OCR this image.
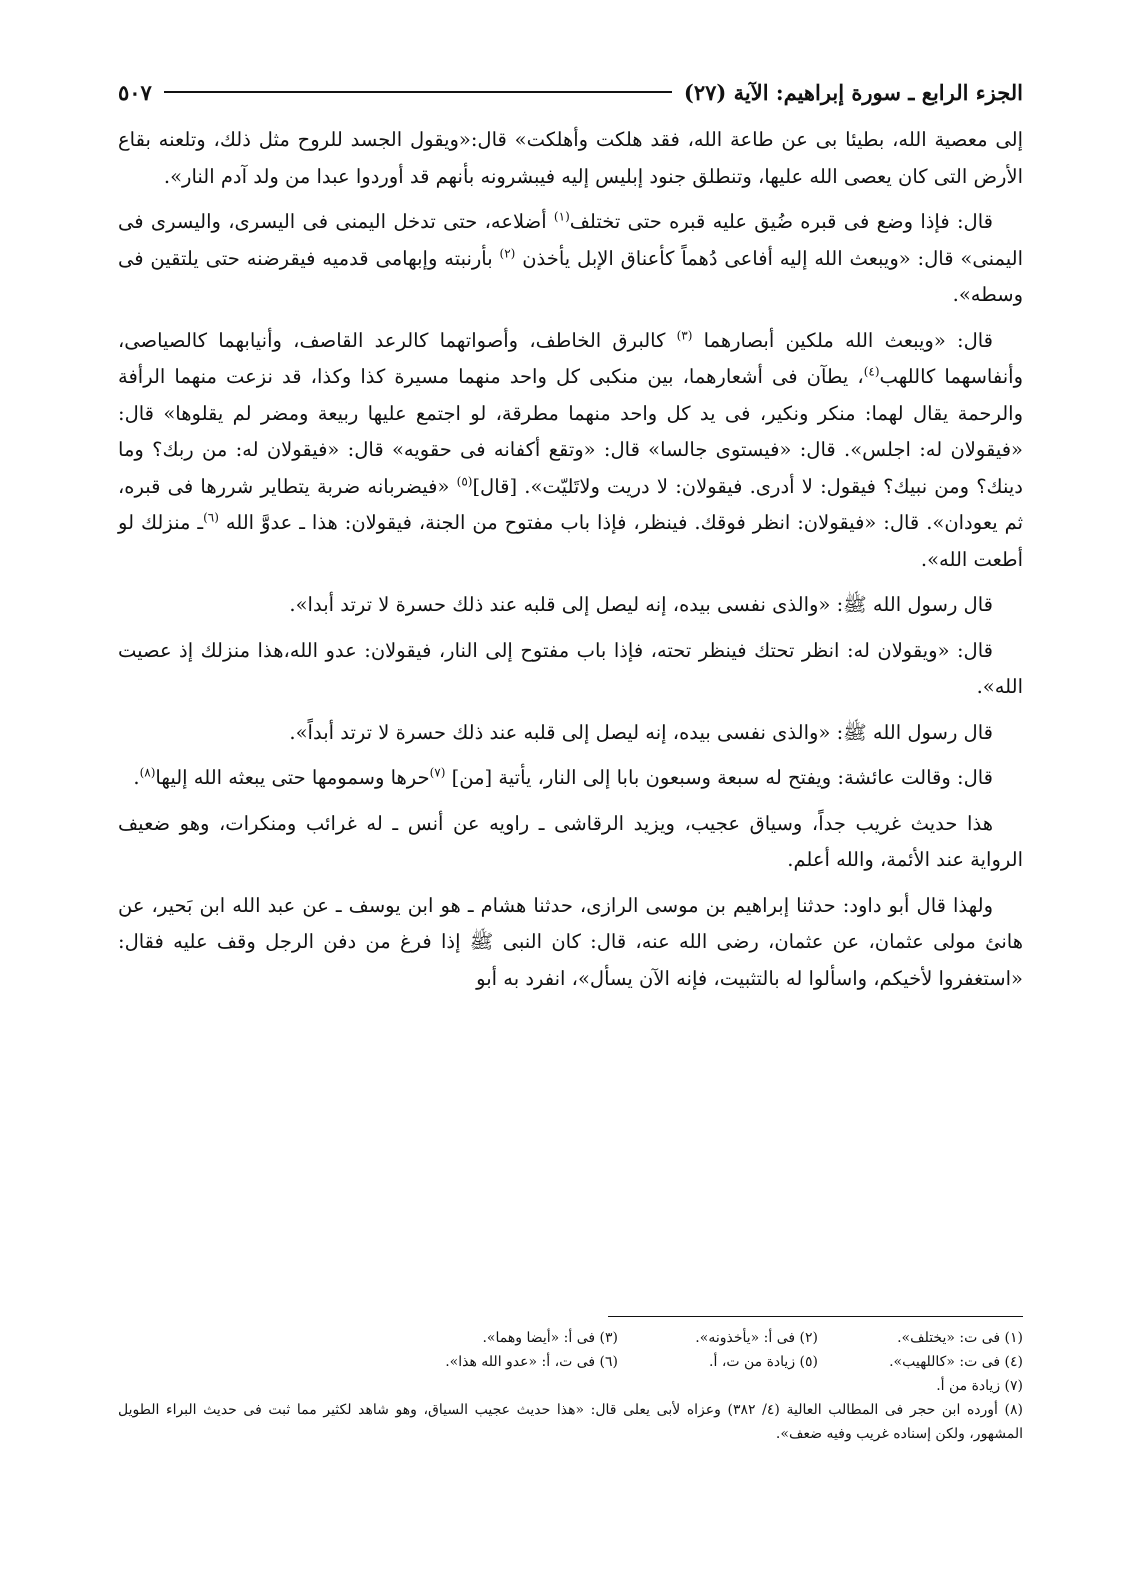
الجزء الرابع ـ سورة إبراهيم: الآية (٢٧)
٥٠٧

إلى معصية الله، بطيئا بى عن طاعة الله، فقد هلكت وأهلكت» قال:«ويقول الجسد للروح مثل ذلك، وتلعنه بقاع الأرض التى كان يعصى الله عليها، وتنطلق جنود إبليس إليه فيبشرونه بأنهم قد أوردوا عبدا من ولد آدم النار».

قال: فإذا وضع فى قبره ضُيق عليه قبره حتى تختلف$^{(١)}$ أضلاعه، حتى تدخل اليمنى فى اليسرى، واليسرى فى اليمنى» قال: «ويبعث الله إليه أفاعى دُهماً كأعناق الإبل يأخذن $^{(٢)}$ بأرنبته وإبهامى قدميه فيقرضنه حتى يلتقين فى وسطه».

قال: «ويبعث الله ملكين أبصارهما $^{(٣)}$ كالبرق الخاطف، وأصواتهما كالرعد القاصف، وأنيابهما كالصياصى، وأنفاسهما كاللهب$^{(٤)}$، يطآن فى أشعارهما، بين منكبى كل واحد منهما مسيرة كذا وكذا، قد نزعت منهما الرأفة والرحمة يقال لهما: منكر ونكير، فى يد كل واحد منهما مطرقة، لو اجتمع عليها ربيعة ومضر لم يقلوها» قال: «فيقولان له: اجلس». قال: «فيستوى جالسا» قال: «وتقع أكفانه فى حقويه» قال: «فيقولان له: من ربك؟ وما دينك؟ ومن نبيك؟ فيقول: لا أدرى. فيقولان: لا دريت ولاتَليّت». [قال]$^{(٥)}$ «فيضربانه ضربة يتطاير شررها فى قبره، ثم يعودان». قال: «فيقولان: انظر فوقك. فينظر، فإذا باب مفتوح من الجنة، فيقولان: هذا ـ عدوَّ الله $^{(٦)}$ـ منزلك لو أطعت الله».

قال رسول الله ﷺ: «والذى نفسى بيده، إنه ليصل إلى قلبه عند ذلك حسرة لا ترتد أبدا».

قال: «ويقولان له: انظر تحتك فينظر تحته، فإذا باب مفتوح إلى النار، فيقولان: عدو الله،هذا منزلك إذ عصيت الله».

قال رسول الله ﷺ: «والذى نفسى بيده، إنه ليصل إلى قلبه عند ذلك حسرة لا ترتد أبداً».

قال: وقالت عائشة: ويفتح له سبعة وسبعون بابا إلى النار، يأتية [من] $^{(٧)}$حرها وسمومها حتى يبعثه الله إليها$^{(٨)}$.

هذا حديث غريب جداً، وسياق عجيب، ويزيد الرقاشى ـ راويه عن أنس ـ له غرائب ومنكرات، وهو ضعيف الرواية عند الأئمة، والله أعلم.

ولهذا قال أبو داود: حدثنا إبراهيم بن موسى الرازى، حدثنا هشام ـ هو ابن يوسف ـ عن عبد الله ابن بَحير، عن هانئ مولى عثمان، عن عثمان، رضى الله عنه، قال: كان النبى ﷺ إذا فرغ من دفن الرجل وقف عليه فقال: «استغفروا لأخيكم، واسألوا له بالتثبيت، فإنه الآن يسأل»، انفرد به أبو

(١) فى ت: «يختلف».
(٢) فى أ: «يأخذونه».
(٣) فى أ: «أيضا وهما».
(٤) فى ت: «كاللهيب».
(٥) زيادة من ت، أ.
(٦) فى ت، أ: «عدو الله هذا».
(٧) زيادة من أ.
(٨) أورده ابن حجر فى المطالب العالية (٤/ ٣٨٢) وعزاه لأبى يعلى قال: «هذا حديث عجيب السياق، وهو شاهد لكثير مما ثبت فى حديث البراء الطويل المشهور، ولكن إسناده غريب وفيه ضعف».
